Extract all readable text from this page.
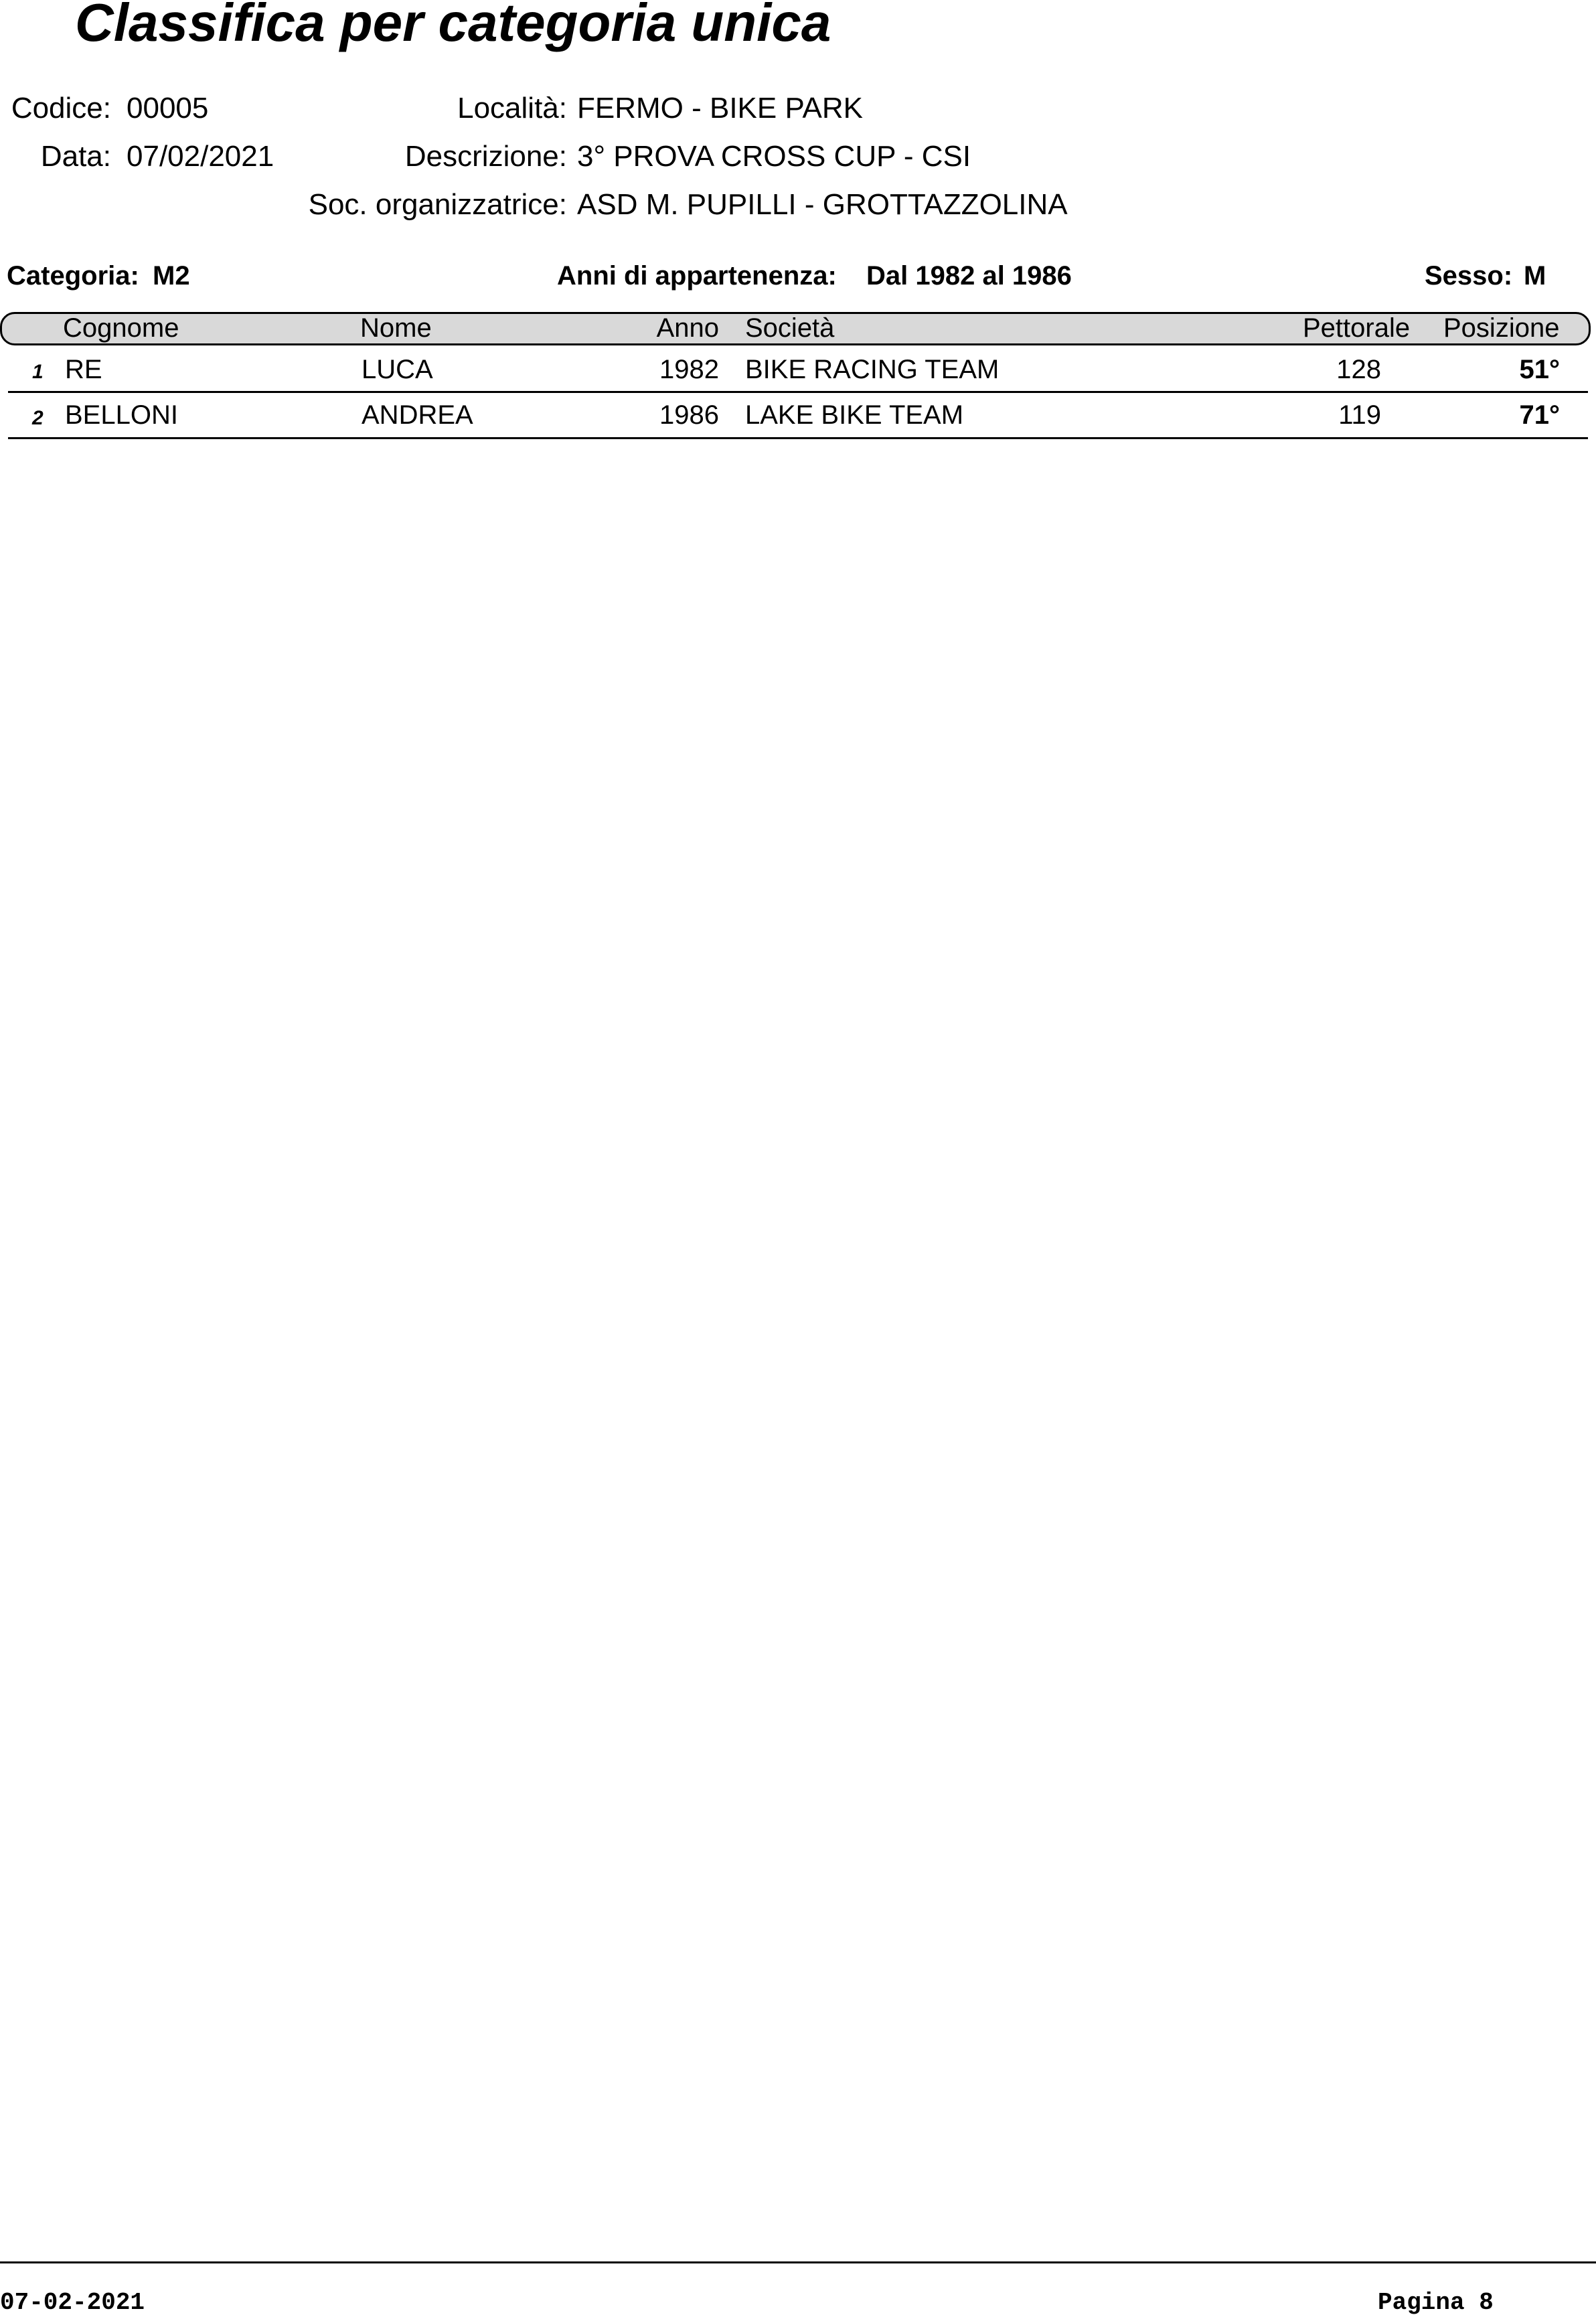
Classifica per categoria unica
Codice: 00005
Data: 07/02/2021
Località: FERMO - BIKE PARK
Descrizione: 3° PROVA CROSS CUP - CSI
Soc. organizzatrice: ASD M. PUPILLI - GROTTAZZOLINA
Categoria: M2	Anni di appartenenza: Dal 1982 al 1986	Sesso: M
Cognome	Nome	Anno Società	Pettorale Posizione
1 RE	LUCA	1982 BIKE RACING TEAM	128	51°
2 BELLONI	ANDREA	1986 LAKE BIKE TEAM	119	71°
07-02-2021	Pagina 8
